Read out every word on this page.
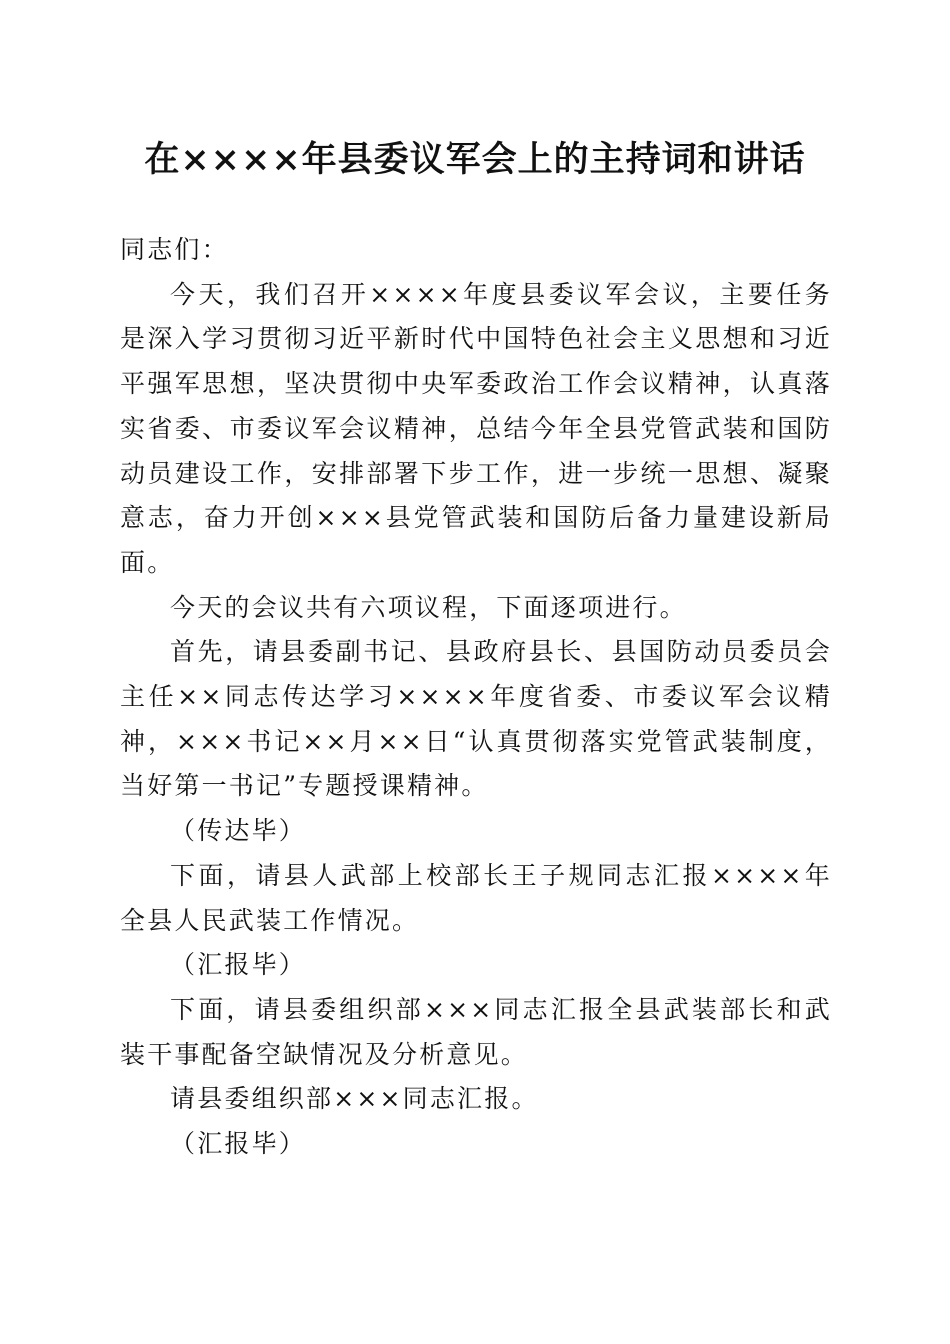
在××××年县委议军会上的主持词和讲话

同志们：

今天，我们召开××××年度县委议军会议，主要任务是深入学习贯彻习近平新时代中国特色社会主义思想和习近平强军思想，坚决贯彻中央军委政治工作会议精神，认真落实省委、市委议军会议精神，总结今年全县党管武装和国防动员建设工作，安排部署下步工作，进一步统一思想、凝聚意志，奋力开创×××县党管武装和国防后备力量建设新局面。

今天的会议共有六项议程，下面逐项进行。

首先，请县委副书记、县政府县长、县国防动员委员会主任××同志传达学习××××年度省委、市委议军会议精神，×××书记××月××日“认真贯彻落实党管武装制度，当好第一书记”专题授课精神。

（传达毕）

下面，请县人武部上校部长王子规同志汇报××××年全县人民武装工作情况。

（汇报毕）

下面，请县委组织部×××同志汇报全县武装部长和武装干事配备空缺情况及分析意见。

请县委组织部×××同志汇报。

（汇报毕）
